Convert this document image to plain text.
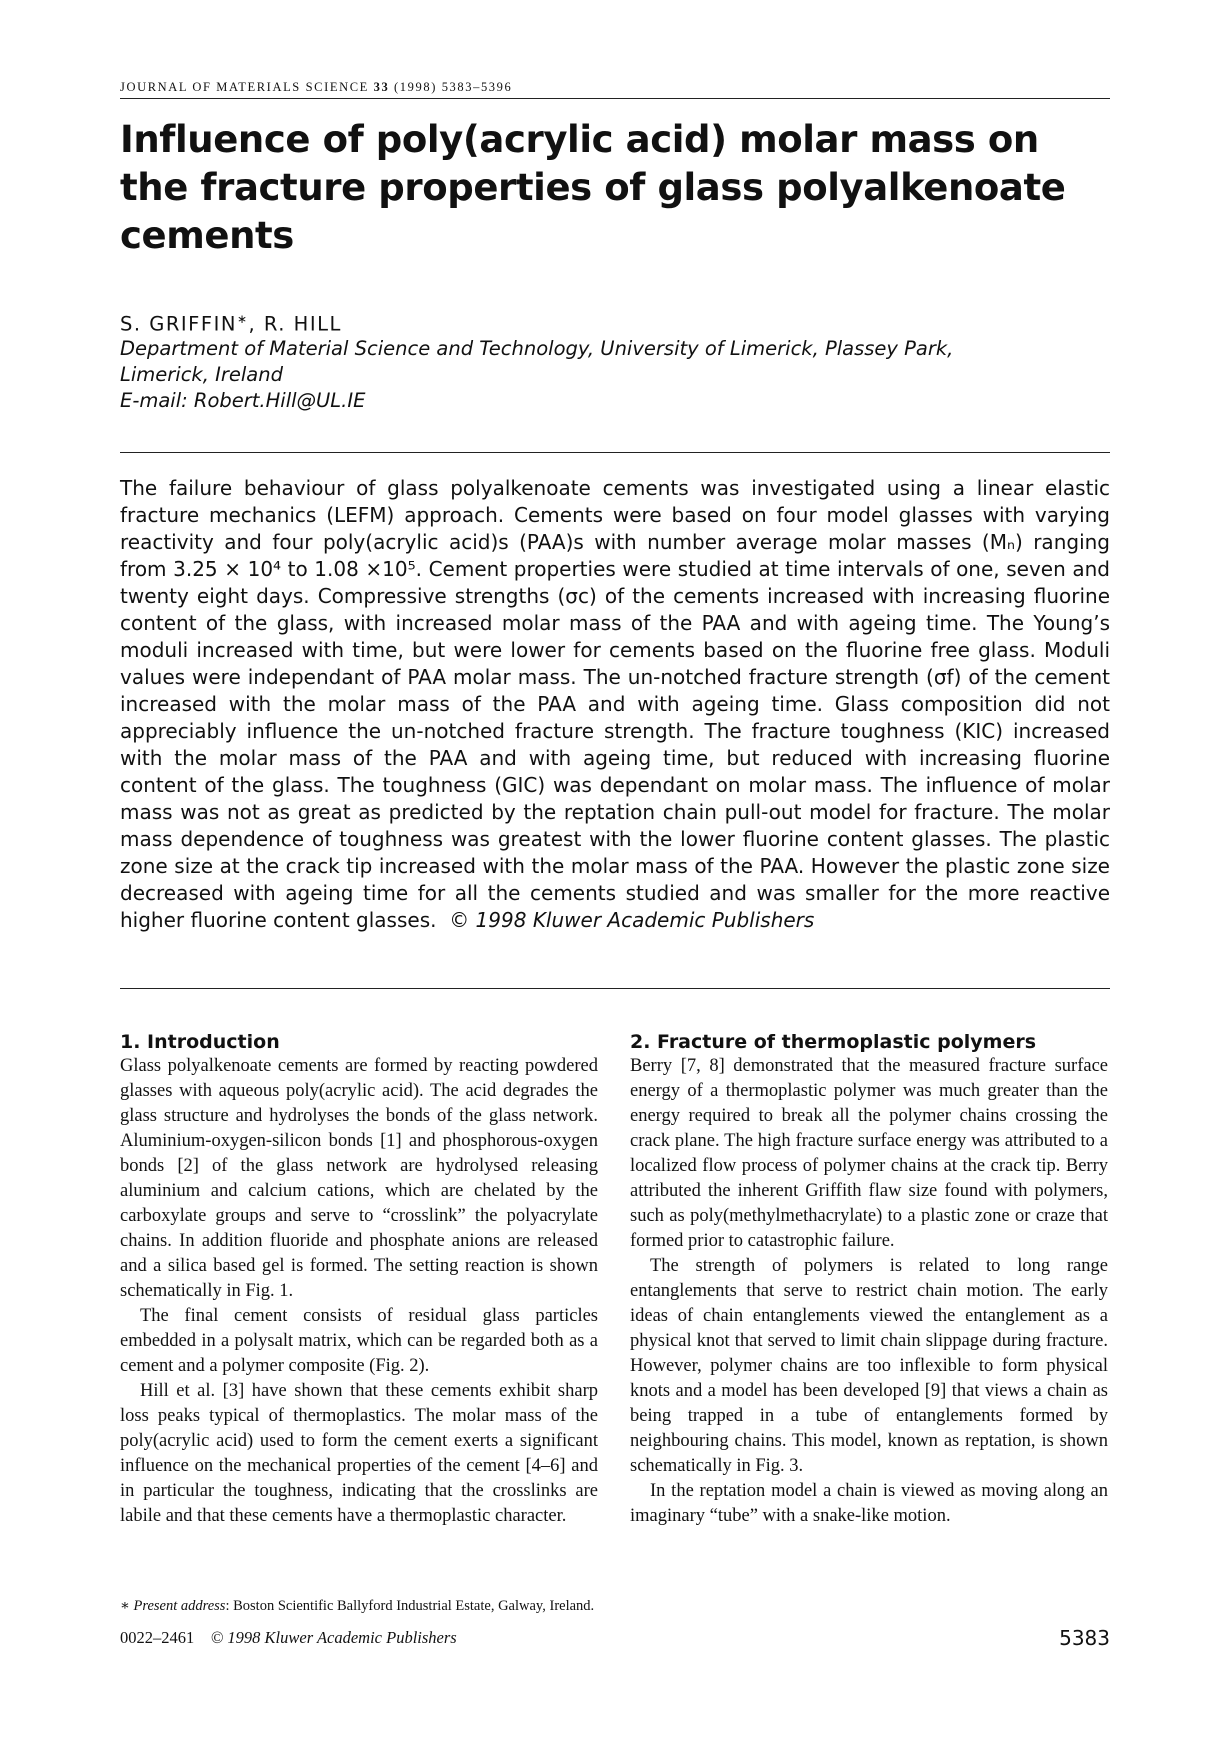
JOURNAL OF MATERIALS SCIENCE 33 (1998) 5383–5396
Influence of poly(acrylic acid) molar mass on the fracture properties of glass polyalkenoate cements
S. GRIFFIN∗, R. HILL
Department of Material Science and Technology, University of Limerick, Plassey Park,
Limerick, Ireland
E-mail: Robert.Hill@UL.IE

The failure behaviour of glass polyalkenoate cements was investigated using a linear elastic fracture mechanics (LEFM) approach. Cements were based on four model glasses with varying reactivity and four poly(acrylic acid)s (PAA)s with number average molar masses (Mₙ) ranging from 3.25 × 10⁴ to 1.08 ×10⁵. Cement properties were studied at time intervals of one, seven and twenty eight days. Compressive strengths (σc) of the cements increased with increasing fluorine content of the glass, with increased molar mass of the PAA and with ageing time. The Young’s moduli increased with time, but were lower for cements based on the fluorine free glass. Moduli values were independant of PAA molar mass. The un-notched fracture strength (σf) of the cement increased with the molar mass of the PAA and with ageing time. Glass composition did not appreciably influence the un-notched fracture strength. The fracture toughness (KIC) increased with the molar mass of the PAA and with ageing time, but reduced with increasing fluorine content of the glass. The toughness (GIC) was dependant on molar mass. The influence of molar mass was not as great as predicted by the reptation chain pull-out model for fracture. The molar mass dependence of toughness was greatest with the lower fluorine content glasses. The plastic zone size at the crack tip increased with the molar mass of the PAA. However the plastic zone size decreased with ageing time for all the cements studied and was smaller for the more reactive higher fluorine content glasses. © 1998 Kluwer Academic Publishers

1. Introduction

Glass polyalkenoate cements are formed by reacting powdered glasses with aqueous poly(acrylic acid). The acid degrades the glass structure and hydrolyses the bonds of the glass network. Aluminium-oxygen-silicon bonds [1] and phosphorous-oxygen bonds [2] of the glass network are hydrolysed releasing aluminium and calcium cations, which are chelated by the carboxylate groups and serve to “crosslink” the polyacrylate chains. In addition fluoride and phosphate anions are released and a silica based gel is formed. The setting reaction is shown schematically in Fig. 1.

The final cement consists of residual glass particles embedded in a polysalt matrix, which can be regarded both as a cement and a polymer composite (Fig. 2).

Hill et al. [3] have shown that these cements exhibit sharp loss peaks typical of thermoplastics. The molar mass of the poly(acrylic acid) used to form the cement exerts a significant influence on the mechanical properties of the cement [4–6] and in particular the toughness, indicating that the crosslinks are labile and that these cements have a thermoplastic character.

2. Fracture of thermoplastic polymers

Berry [7, 8] demonstrated that the measured fracture surface energy of a thermoplastic polymer was much greater than the energy required to break all the polymer chains crossing the crack plane. The high fracture surface energy was attributed to a localized flow process of polymer chains at the crack tip. Berry attributed the inherent Griffith flaw size found with polymers, such as poly(methylmethacrylate) to a plastic zone or craze that formed prior to catastrophic failure.

The strength of polymers is related to long range entanglements that serve to restrict chain motion. The early ideas of chain entanglements viewed the entanglement as a physical knot that served to limit chain slippage during fracture. However, polymer chains are too inflexible to form physical knots and a model has been developed [9] that views a chain as being trapped in a tube of entanglements formed by neighbouring chains. This model, known as reptation, is shown schematically in Fig. 3.

In the reptation model a chain is viewed as moving along an imaginary “tube” with a snake-like motion.

∗ Present address: Boston Scientific Ballyford Industrial Estate, Galway, Ireland.
0022–2461 © 1998 Kluwer Academic Publishers	5383
